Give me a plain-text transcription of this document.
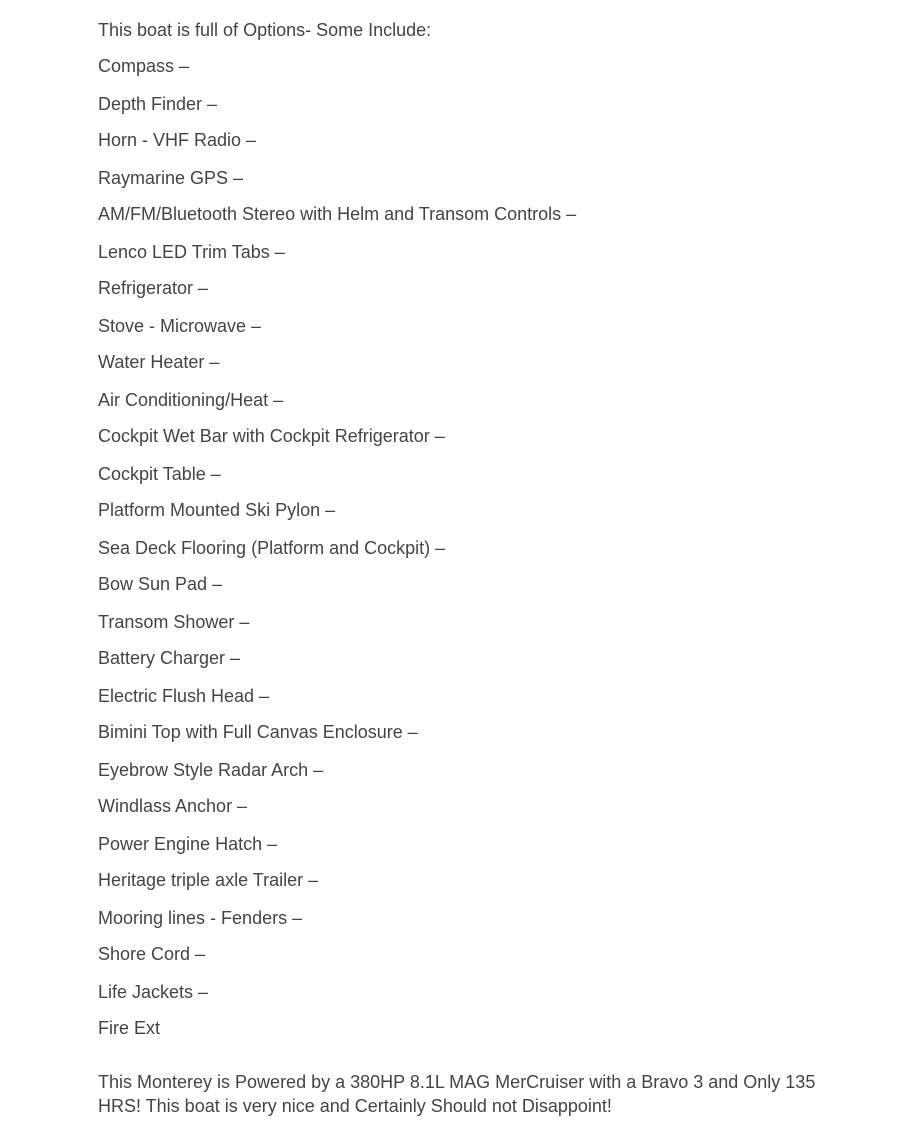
This boat is full of Options- Some Include:

Compass –
Depth Finder –
Horn - VHF Radio –
Raymarine GPS –
AM/FM/Bluetooth Stereo with Helm and Transom Controls –
Lenco LED Trim Tabs –
Refrigerator –
Stove - Microwave –
Water Heater –
Air Conditioning/Heat –
Cockpit Wet Bar with Cockpit Refrigerator –
Cockpit Table –
Platform Mounted Ski Pylon –
Sea Deck Flooring (Platform and Cockpit) –
Bow Sun Pad –
Transom Shower –
Battery Charger –
Electric Flush Head –
Bimini Top with Full Canvas Enclosure –
Eyebrow Style Radar Arch –
Windlass Anchor –
Power Engine Hatch –
Heritage triple axle Trailer –
Mooring lines - Fenders –
Shore Cord –
Life Jackets –
Fire Ext

This Monterey is Powered by a 380HP 8.1L MAG MerCruiser with a Bravo 3 and Only 135 HRS! This boat is very nice and Certainly Should not Disappoint!
